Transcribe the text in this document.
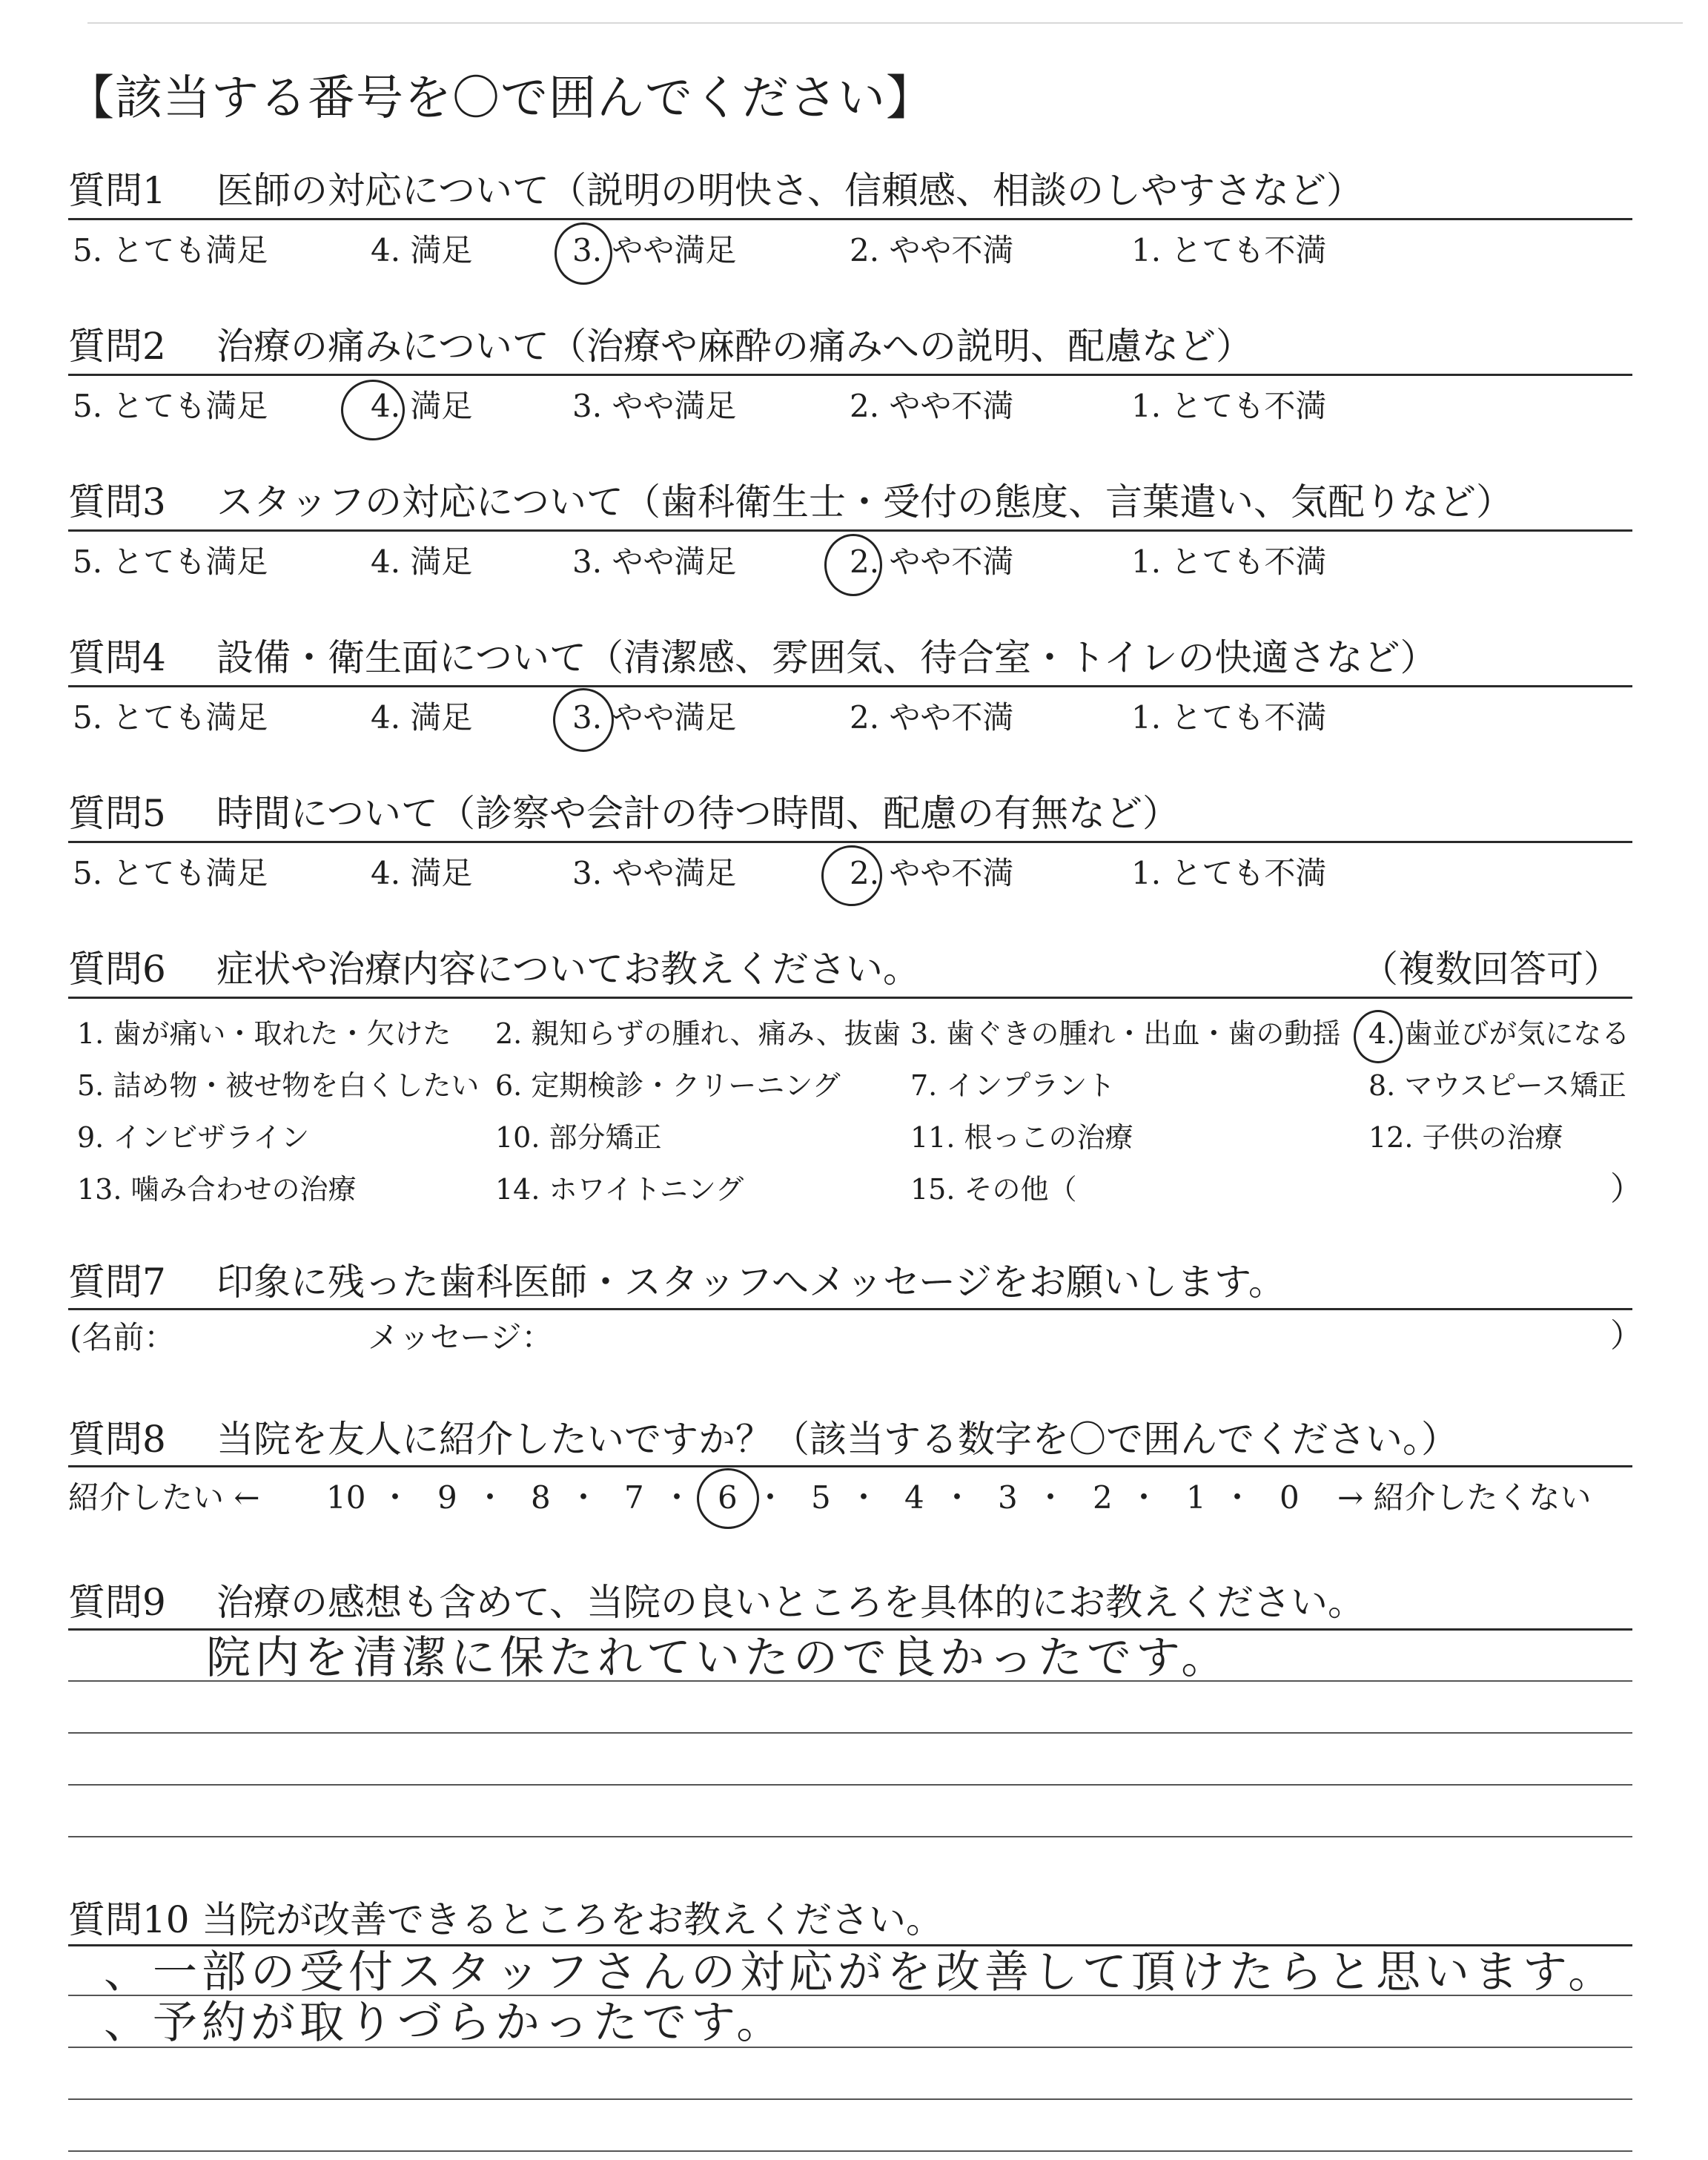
【該当する番号を〇で囲んでください】
質問1 医師の対応について（説明の明快さ、信頼感、相談のしやすさなど）
5. とても満足	4. 満足	3. やや満足	2. やや不満	1. とても不満
質問2 治療の痛みについて（治療や麻酔の痛みへの説明、配慮など）
5. とても満足	4. 満足	3. やや満足	2. やや不満	1. とても不満
質問3 スタッフの対応について（歯科衛生士・受付の態度、言葉遣い、気配りなど）
5. とても満足	4. 満足	3. やや満足	2. やや不満	1. とても不満
質問4 設備・衛生面について（清潔感、雰囲気、待合室・トイレの快適さなど）
5. とても満足	4. 満足	3. やや満足	2. やや不満	1. とても不満
質問5 時間について（診察や会計の待つ時間、配慮の有無など）
5. とても満足	4. 満足	3. やや満足	2. やや不満	1. とても不満
質問6 症状や治療内容についてお教えください。	（複数回答可）
1. 歯が痛い・取れた・欠けた 2. 親知らずの腫れ、痛み、抜歯 3. 歯ぐきの腫れ・出血・歯の動揺 4. 歯並びが気になる
5. 詰め物・被せ物を白くしたい 6. 定期検診・クリーニング 7. インプラント	8. マウスピース矯正
9. インビザライン	10. 部分矯正	11. 根っこの治療	12. 子供の治療
13. 噛み合わせの治療	14. ホワイトニング	15. その他（	）
質問7 印象に残った歯科医師・スタッフへメッセージをお願いします。
(名前：	メッセージ：	）
質問8 当院を友人に紹介したいですか？（該当する数字を〇で囲んでください。）
紹介したい ← 10 ・ 9 ・ 8 ・ 7 ・ 6 ・ 5 ・ 4 ・ 3 ・ 2 ・ 1 ・ 0 → 紹介したくない
質問9 治療の感想も含めて、当院の良いところを具体的にお教えください。
院内を清潔に保たれていたので良かったです。
質問10 当院が改善できるところをお教えください。
、一部の受付スタッフさんの対応がを改善して頂けたらと思います。
、予約が取りづらかったです。
